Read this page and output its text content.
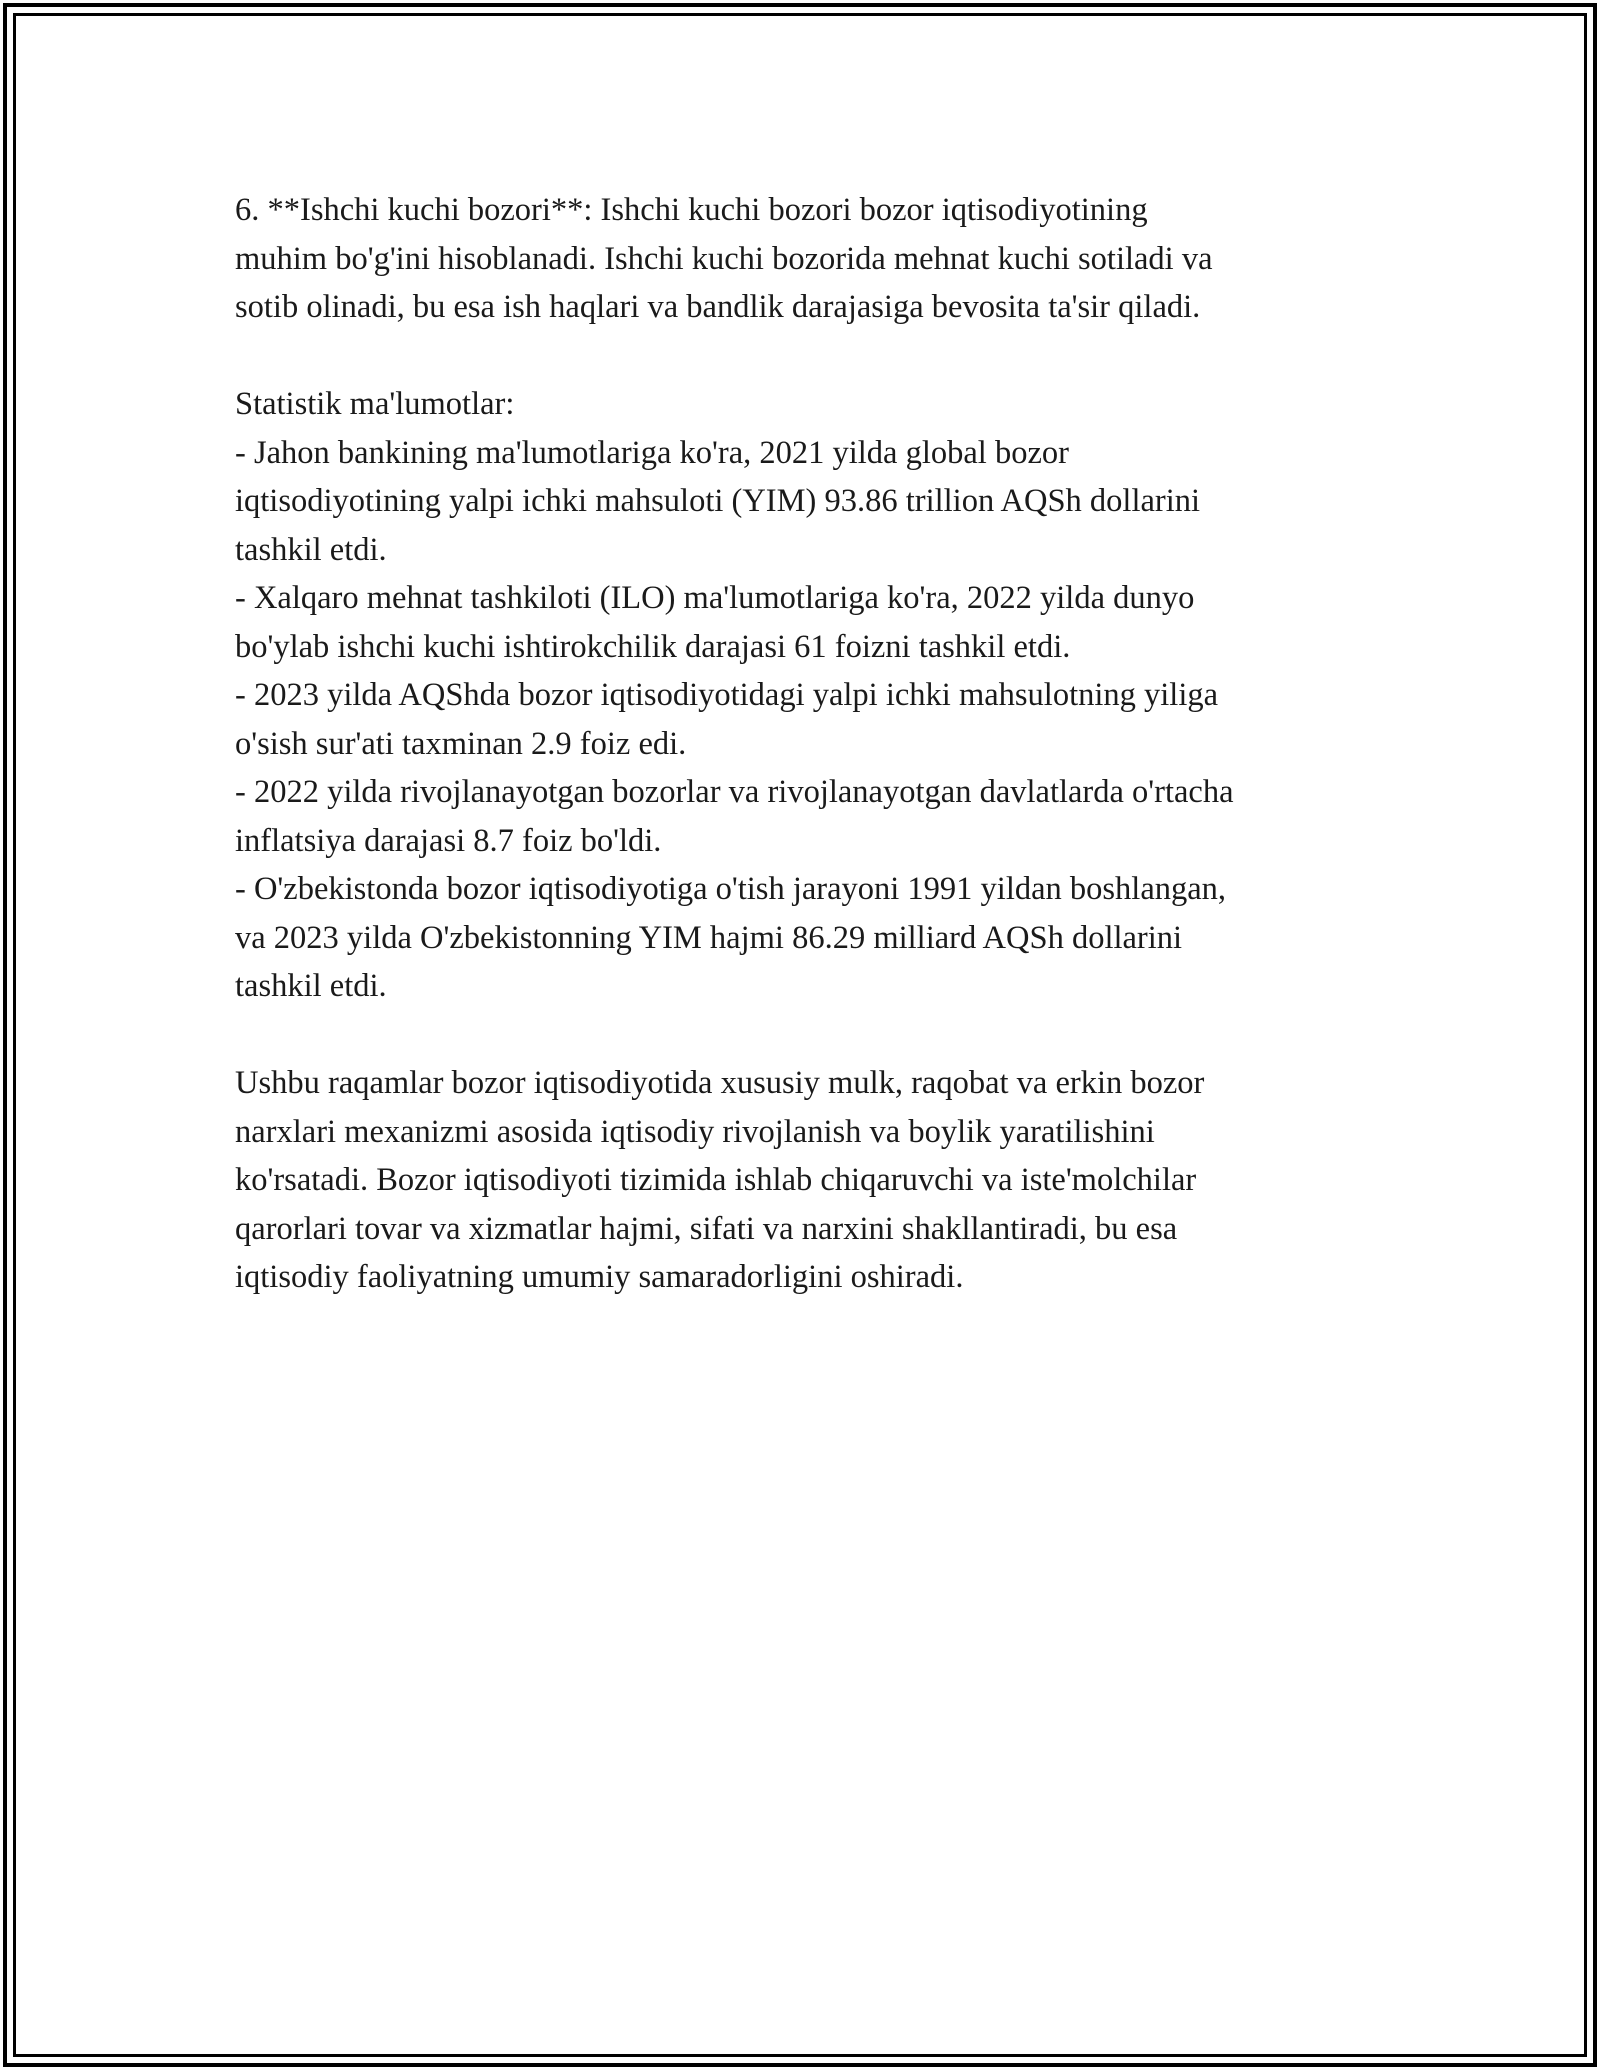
6. **Ishchi kuchi bozori**: Ishchi kuchi bozori bozor iqtisodiyotining
muhim bo'g'ini hisoblanadi. Ishchi kuchi bozorida mehnat kuchi sotiladi va
sotib olinadi, bu esa ish haqlari va bandlik darajasiga bevosita ta'sir qiladi.

Statistik ma'lumotlar:

- Jahon bankining ma'lumotlariga ko'ra, 2021 yilda global bozor
iqtisodiyotining yalpi ichki mahsuloti (YIM) 93.86 trillion AQSh dollarini
tashkil etdi.

- Xalqaro mehnat tashkiloti (ILO) ma'lumotlariga ko'ra, 2022 yilda dunyo
bo'ylab ishchi kuchi ishtirokchilik darajasi 61 foizni tashkil etdi.

- 2023 yilda AQShda bozor iqtisodiyotidagi yalpi ichki mahsulotning yiliga
o'sish sur'ati taxminan 2.9 foiz edi.

- 2022 yilda rivojlanayotgan bozorlar va rivojlanayotgan davlatlarda o'rtacha
inflatsiya darajasi 8.7 foiz bo'ldi.

- O'zbekistonda bozor iqtisodiyotiga o'tish jarayoni 1991 yildan boshlangan,
va 2023 yilda O'zbekistonning YIM hajmi 86.29 milliard AQSh dollarini
tashkil etdi.

Ushbu raqamlar bozor iqtisodiyotida xususiy mulk, raqobat va erkin bozor
narxlari mexanizmi asosida iqtisodiy rivojlanish va boylik yaratilishini
ko'rsatadi. Bozor iqtisodiyoti tizimida ishlab chiqaruvchi va iste'molchilar
qarorlari tovar va xizmatlar hajmi, sifati va narxini shakllantiradi, bu esa
iqtisodiy faoliyatning umumiy samaradorligini oshiradi.
